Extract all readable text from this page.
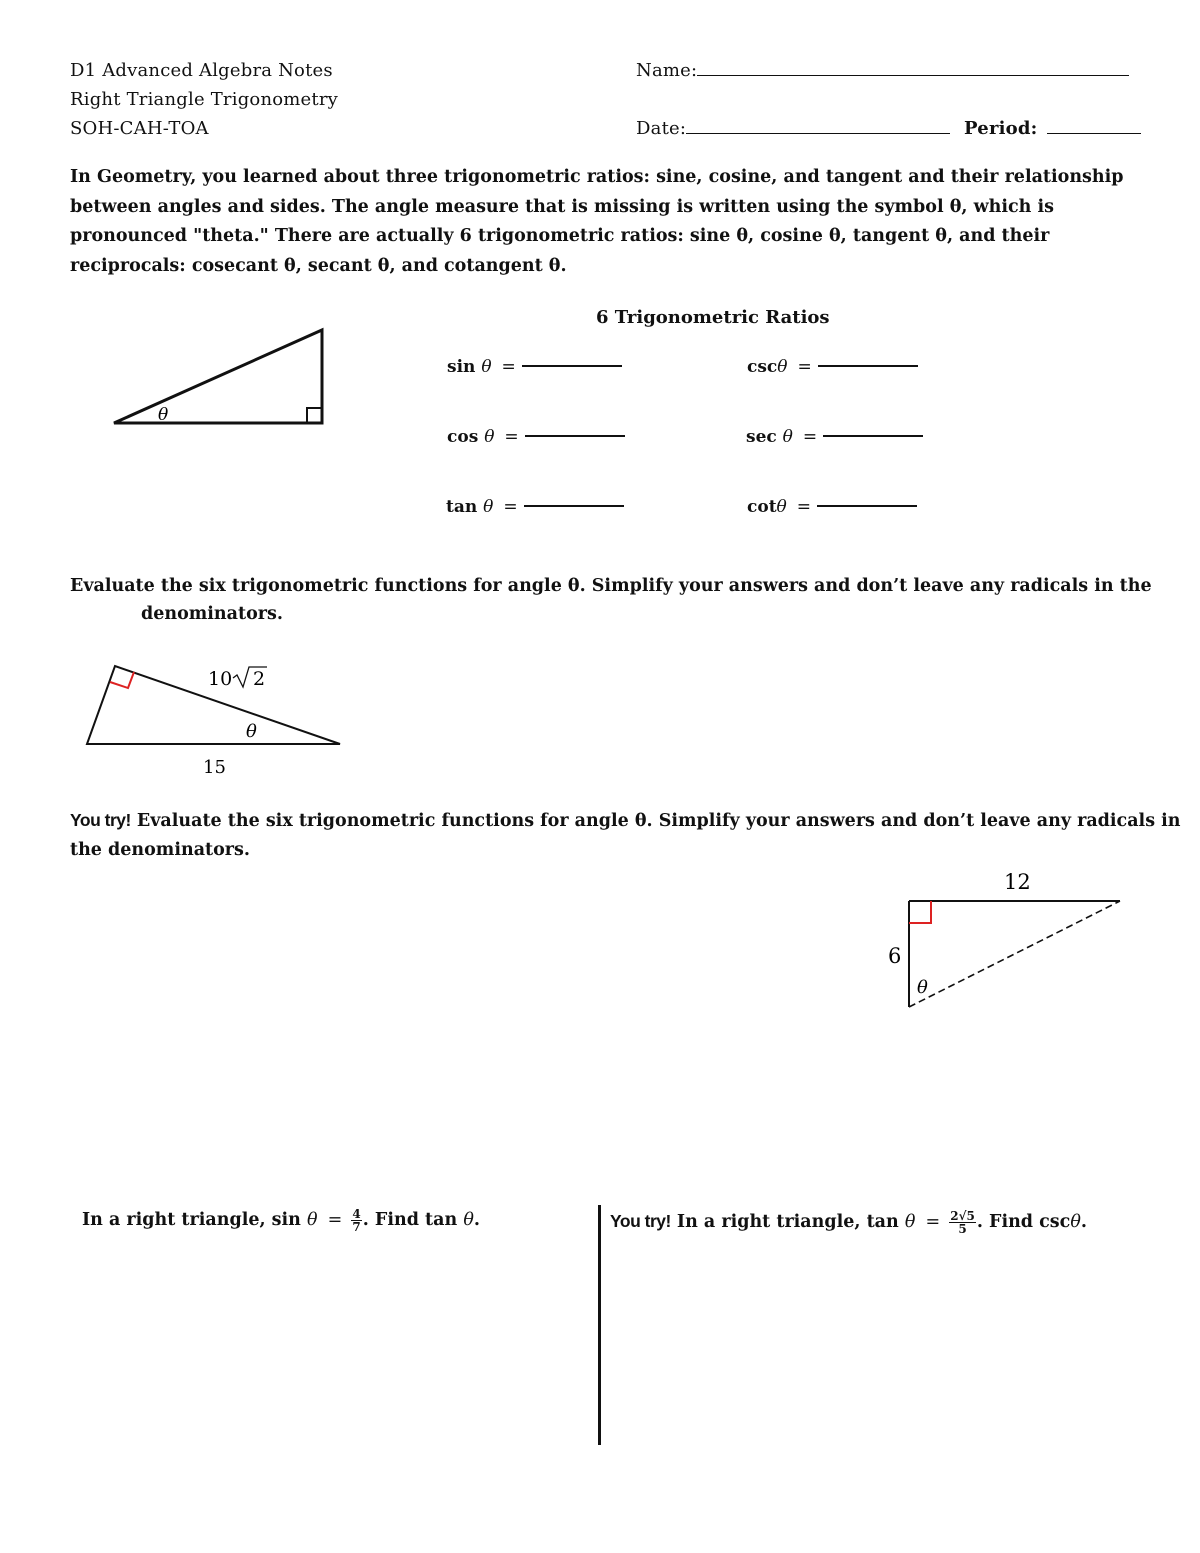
D1 Advanced Algebra Notes
Right Triangle Trigonometry
SOH-CAH-TOA
Name:
Date:	Period:
In Geometry, you learned about three trigonometric ratios: sine, cosine, and tangent and their relationship between angles and sides. The angle measure that is missing is written using the symbol θ, which is pronounced "theta." There are actually 6 trigonometric ratios: sine θ, cosine θ, tangent θ, and their reciprocals: cosecant θ, secant θ, and cotangent θ.
θ
6 Trigonometric Ratios
sin θ =	cscθ =
cos θ =	sec θ =
tan θ =	cotθ =
Evaluate the six trigonometric functions for angle θ. Simplify your answers and don’t leave any radicals in the
denominators.
10 2
θ
15
You try! Evaluate the six trigonometric functions for angle θ. Simplify your answers and don’t leave any radicals in
the denominators.
12
6
θ
In a right triangle, $\sin \theta = \frac{4}{7}$ . Find tan θ.	You try! In a right triangle, $\tan \theta = \frac{2√5}{5}$ . Find cscθ.
